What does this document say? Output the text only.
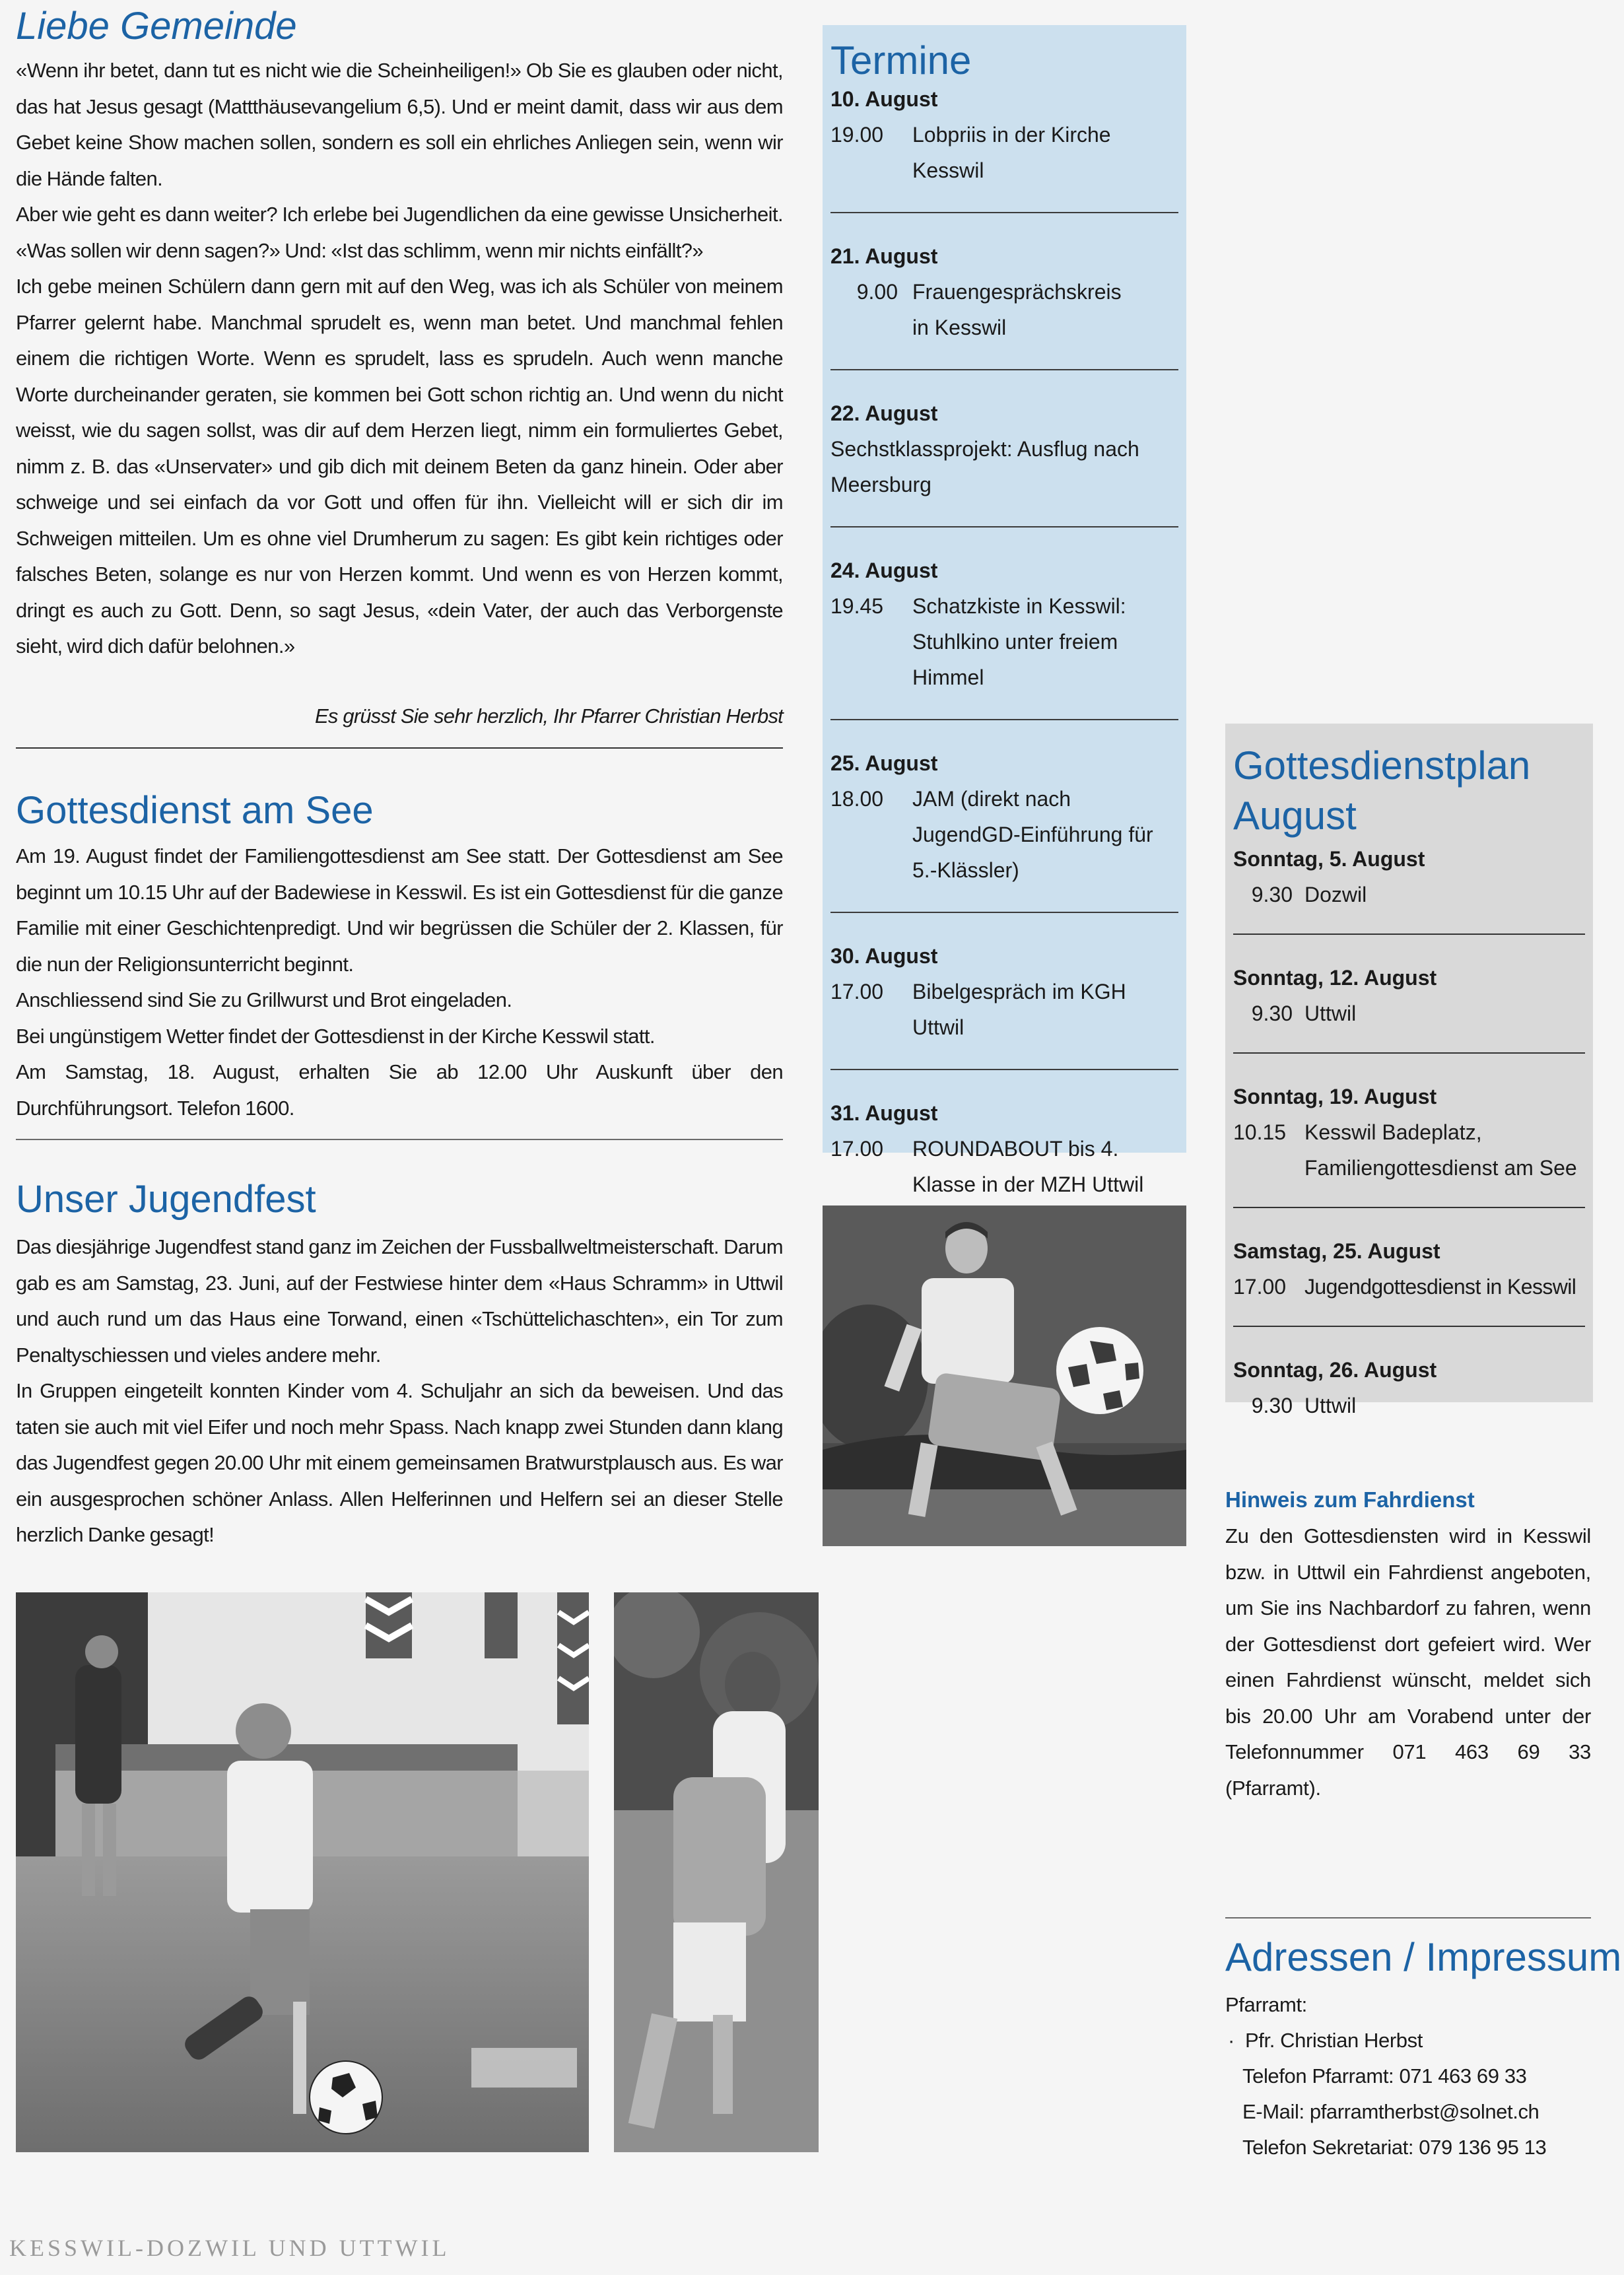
Liebe Gemeinde

«Wenn ihr betet, dann tut es nicht wie die Scheinheiligen!» Ob Sie es glauben oder nicht, das hat Jesus gesagt (Mattthäusevangelium 6,5). Und er meint damit, dass wir aus dem Gebet keine Show machen sollen, sondern es soll ein ehrliches Anliegen sein, wenn wir die Hände falten.

Aber wie geht es dann weiter? Ich erlebe bei Jugendlichen da eine gewisse Unsicherheit. «Was sollen wir denn sagen?» Und: «Ist das schlimm, wenn mir nichts einfällt?»

Ich gebe meinen Schülern dann gern mit auf den Weg, was ich als Schüler von meinem Pfarrer gelernt habe. Manchmal sprudelt es, wenn man betet. Und manchmal fehlen einem die richtigen Worte. Wenn es sprudelt, lass es sprudeln. Auch wenn manche Worte durcheinander geraten, sie kommen bei Gott schon richtig an. Und wenn du nicht weisst, wie du sagen sollst, was dir auf dem Herzen liegt, nimm ein formuliertes Gebet, nimm z. B. das «Unservater» und gib dich mit deinem Beten da ganz hinein. Oder aber schweige und sei einfach da vor Gott und offen für ihn. Vielleicht will er sich dir im Schweigen mitteilen. Um es ohne viel Drumherum zu sagen: Es gibt kein richtiges oder falsches Beten, solange es nur von Herzen kommt. Und wenn es von Herzen kommt, dringt es auch zu Gott. Denn, so sagt Jesus, «dein Vater, der auch das Verborgenste sieht, wird dich dafür belohnen.»

Es grüsst Sie sehr herzlich, Ihr Pfarrer Christian Herbst
Gottesdienst am See

Am 19. August findet der Familiengottesdienst am See statt. Der Gottesdienst am See beginnt um 10.15 Uhr auf der Badewiese in Kesswil. Es ist ein Gottesdienst für die ganze Familie mit einer Geschichtenpredigt. Und wir begrüssen die Schüler der 2. Klassen, für die nun der Religionsunterricht beginnt.

Anschliessend sind Sie zu Grillwurst und Brot eingeladen.

Bei ungünstigem Wetter findet der Gottesdienst in der Kirche Kesswil statt.

Am Samstag, 18. August, erhalten Sie ab 12.00 Uhr Auskunft über den Durchführungsort. Telefon 1600.

Unser Jugendfest

Das diesjährige Jugendfest stand ganz im Zeichen der Fussballweltmeisterschaft. Darum gab es am Samstag, 23. Juni, auf der Festwiese hinter dem «Haus Schramm» in Uttwil und auch rund um das Haus eine Torwand, einen «Tschüttelichaschten», ein Tor zum Penaltyschiessen und vieles andere mehr.

In Gruppen eingeteilt konnten Kinder vom 4. Schuljahr an sich da beweisen. Und das taten sie auch mit viel Eifer und noch mehr Spass. Nach knapp zwei Stunden dann klang das Jugendfest gegen 20.00 Uhr mit einem gemeinsamen Bratwurstplausch aus. Es war ein ausgesprochen schöner Anlass. Allen Helferinnen und Helfern sei an dieser Stelle herzlich Danke gesagt!

Termine

10. August

19.00	Lobpriis in der Kirche Kesswil

21. August

9.00 Frauengesprächskreis in Kesswil

22. August

Sechstklassprojekt: Ausflug nach Meersburg

24. August

19.45	Schatzkiste in Kesswil: Stuhlkino unter freiem Himmel

25. August

18.00	JAM (direkt nach JugendGD-Einführung für 5.-Klässler)

30. August

17.00	Bibelgespräch im KGH Uttwil

31. August

17.00	ROUNDABOUT bis 4. Klasse in der MZH Uttwil

Gottesdienstplan
August

Sonntag, 5. August

9.30 Dozwil

Sonntag, 12. August

9.30 Uttwil

Sonntag, 19. August

10.15 Kesswil Badeplatz, Familiengottesdienst am See

Samstag, 25. August

17.00 Jugendgottesdienst in Kesswil

Sonntag, 26. August

9.30 Uttwil
Hinweis zum Fahrdienst

Zu den Gottesdiensten wird in Kesswil bzw. in Uttwil ein Fahrdienst angeboten, um Sie ins Nachbardorf zu fahren, wenn der Gottesdienst dort gefeiert wird. Wer einen Fahrdienst wünscht, meldet sich bis 20.00 Uhr am Vorabend unter der Telefonnummer 071 463 69 33 (Pfarramt).

Adressen / Impressum
Pfarramt:
· Pfr. Christian Herbst
Telefon Pfarramt: 071 463 69 33
E-Mail: pfarramtherbst@solnet.ch
Telefon Sekretariat: 079 136 95 13
KESSWIL-DOZWIL UND UTTWIL
